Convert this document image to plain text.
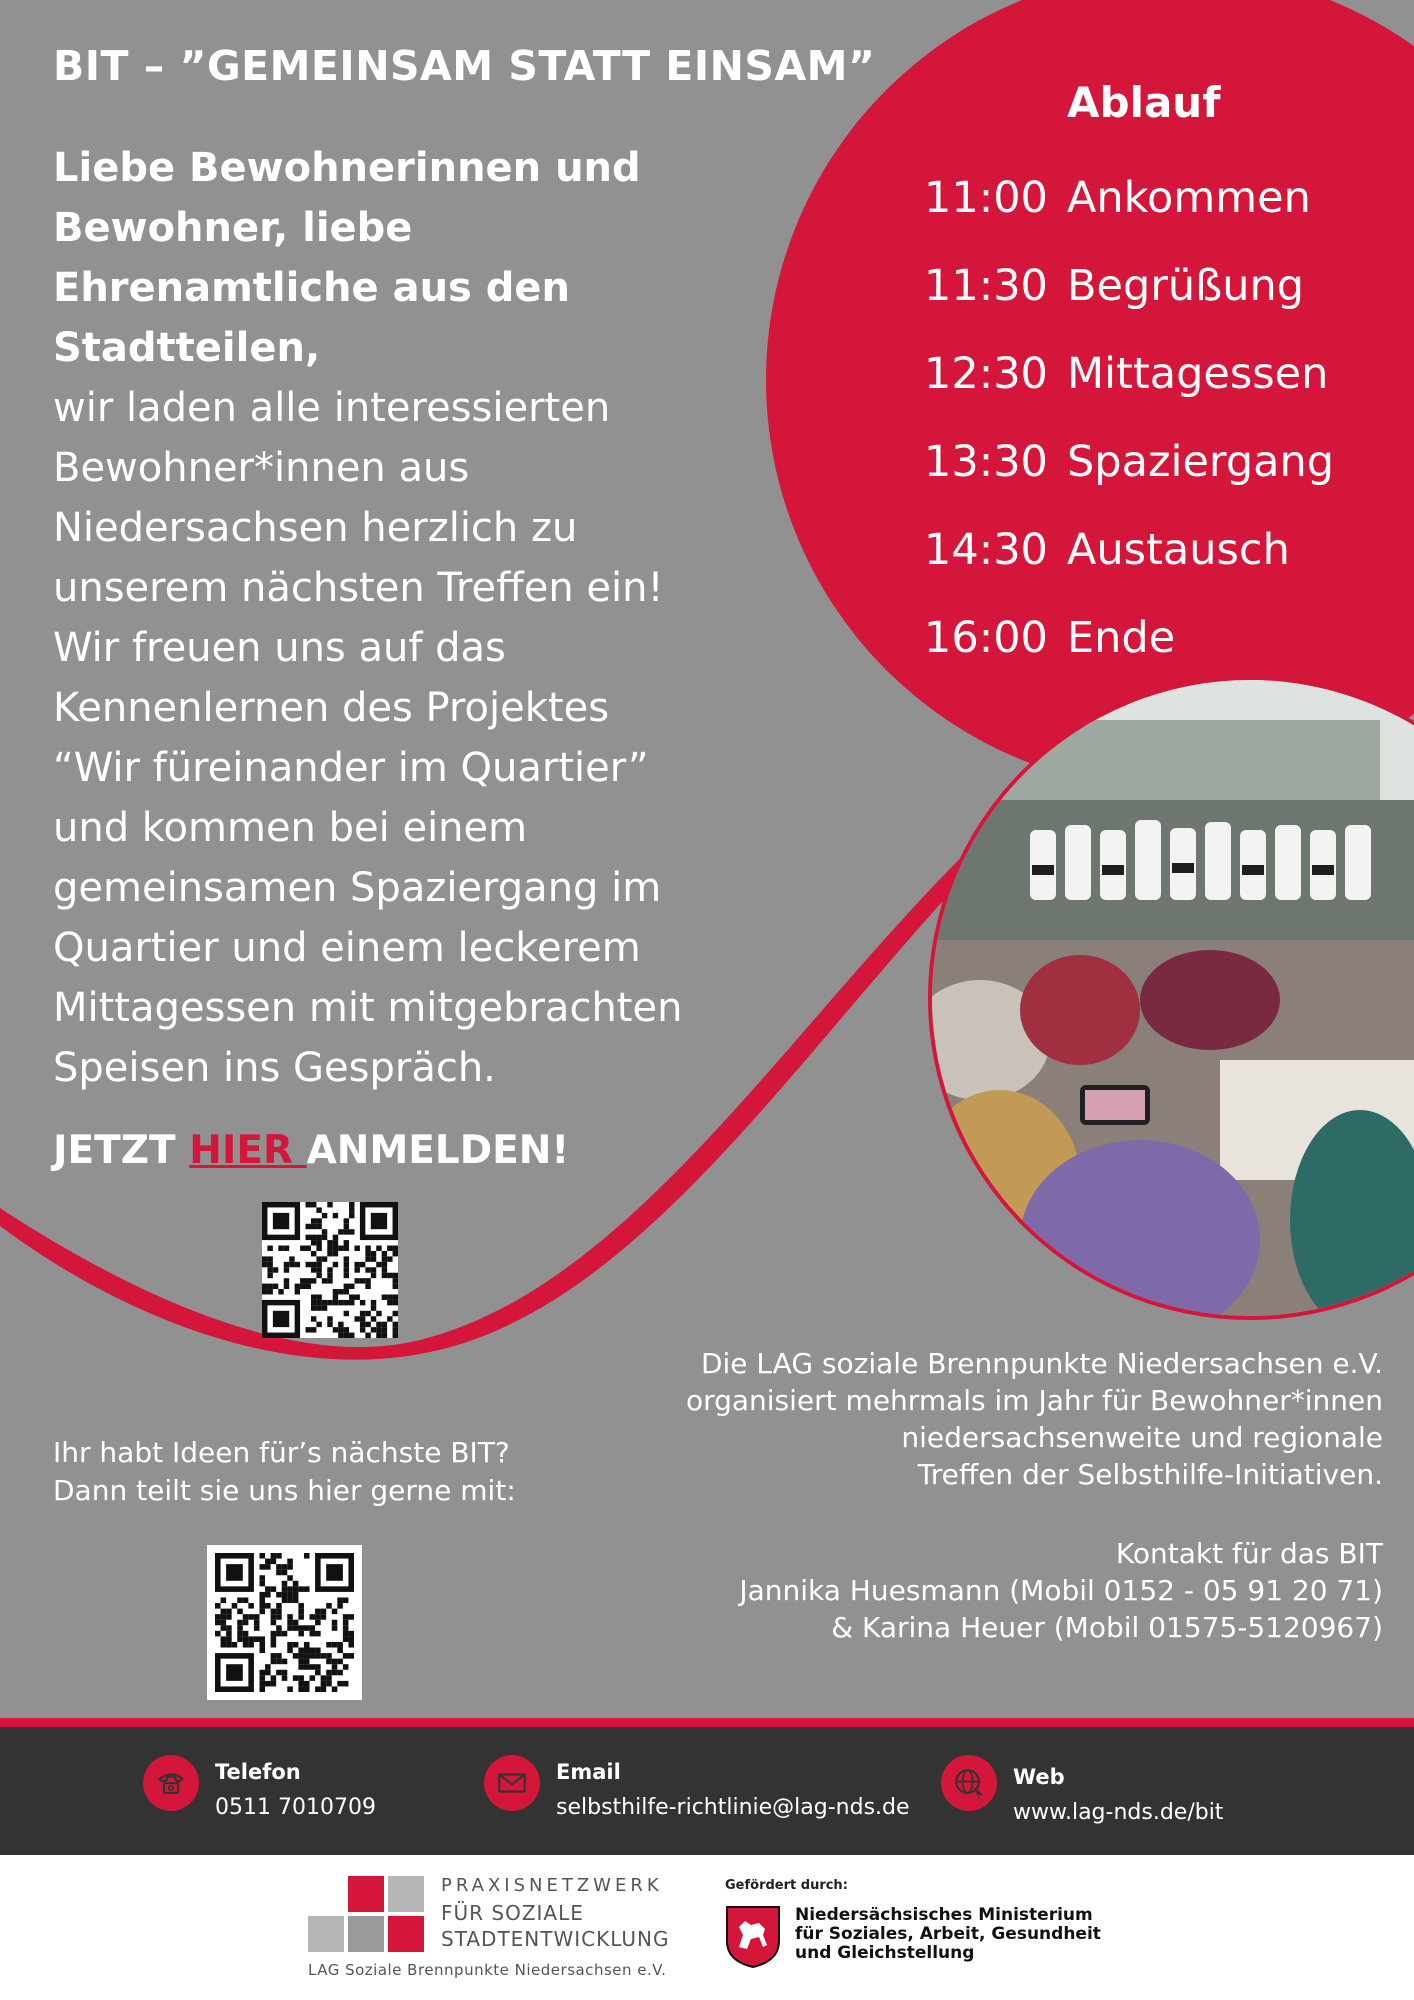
BIT – ”GEMEINSAM STATT EINSAM”
Liebe Bewohnerinnen und
Bewohner, liebe
Ehrenamtliche aus den
Stadtteilen,
wir laden alle interessierten
Bewohner*innen aus
Niedersachsen herzlich zu
unserem nächsten Treffen ein!
Wir freuen uns auf das
Kennenlernen des Projektes
“Wir füreinander im Quartier”
und kommen bei einem
gemeinsamen Spaziergang im
Quartier und einem leckerem
Mittagessen mit mitgebrachten
Speisen ins Gespräch.
JETZT HIER ANMELDEN!
Ablauf
11:00 Ankommen
11:30 Begrüßung
12:30 Mittagessen
13:30 Spaziergang
14:30 Austausch
16:00 Ende
Die LAG soziale Brennpunkte Niedersachsen e.V.
organisiert mehrmals im Jahr für Bewohner*innen
niedersachsenweite und regionale
Treffen der Selbsthilfe-Initiativen.
Ihr habt Ideen für’s nächste BIT?
Dann teilt sie uns hier gerne mit:
Kontakt für das BIT
Jannika Huesmann (Mobil 0152 - 05 91 20 71)
& Karina Heuer (Mobil 01575-5120967)
Telefon
0511 7010709
Email
selbsthilfe-richtlinie@lag-nds.de
Web
www.lag-nds.de/bit
PRAXISNETZWERK
FÜR SOZIALE
STADTENTWICKLUNG
LAG Soziale Brennpunkte Niedersachsen e.V.
Gefördert durch:
Niedersächsisches Ministerium
für Soziales, Arbeit, Gesundheit
und Gleichstellung
